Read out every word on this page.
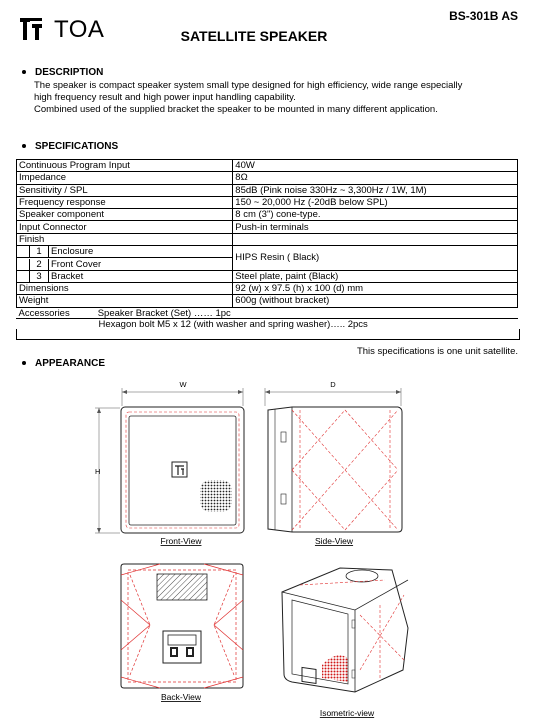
TOA	BS-301B AS
SATELLITE SPEAKER
DESCRIPTION
The speaker is compact speaker system small type designed for high efficiency, wide range especially
high frequency result and high power input handling capability.
Combined used of the supplied bracket the speaker to be mounted in many different application.
SPECIFICATIONS
Continuous Program Input	40W
Impedance	8Ω
Sensitivity / SPL	85dB (Pink noise 330Hz ~ 3,300Hz / 1W, 1M)
Frequency response	150 ~ 20,000 Hz (-20dB below SPL)
Speaker component	8 cm (3") cone-type.
Input Connector	Push-in terminals
Finish	

1 Enclosure	HIPS Resin ( Black)

2 Front Cover	

3 Bracket	Steel plate, paint (Black)
Dimensions	92 (w) x 97.5 (h) x 100 (d) mm
Weight	600g (without bracket)
Accessories Speaker Bracket (Set) …… 1pc	
Hexagon bolt M5 x 12 (with washer and spring washer)….. 2pcs	
This specifications is one unit satellite.
APPEARANCE
W
H
Front-View
D
Side-View
Back-View
Isometric-view
